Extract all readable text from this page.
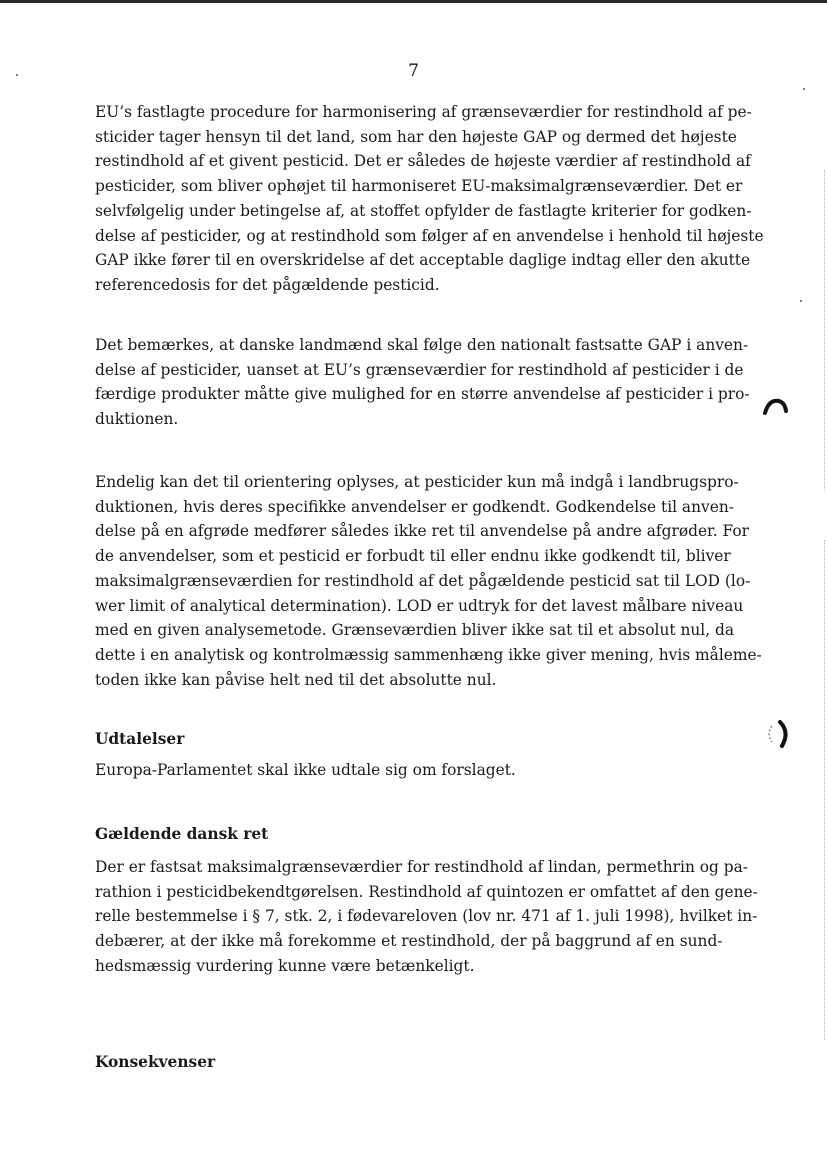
7

EU’s fastlagte procedure for harmonisering af grænseværdier for restindhold af pe-
sticider tager hensyn til det land, som har den højeste GAP og dermed det højeste
restindhold af et givent pesticid. Det er således de højeste værdier af restindhold af
pesticider, som bliver ophøjet til harmoniseret EU-maksimalgrænseværdier. Det er
selvfølgelig under betingelse af, at stoffet opfylder de fastlagte kriterier for godken-
delse af pesticider, og at restindhold som følger af en anvendelse i henhold til højeste
GAP ikke fører til en overskridelse af det acceptable daglige indtag eller den akutte
referencedosis for det pågældende pesticid.

Det bemærkes, at danske landmænd skal følge den nationalt fastsatte GAP i anven-
delse af pesticider, uanset at EU’s grænseværdier for restindhold af pesticider i de
færdige produkter måtte give mulighed for en større anvendelse af pesticider i pro-
duktionen.

Endelig kan det til orientering oplyses, at pesticider kun må indgå i landbrugspro-
duktionen, hvis deres specifikke anvendelser er godkendt. Godkendelse til anven-
delse på en afgrøde medfører således ikke ret til anvendelse på andre afgrøder. For
de anvendelser, som et pesticid er forbudt til eller endnu ikke godkendt til, bliver
maksimalgrænseværdien for restindhold af det pågældende pesticid sat til LOD (lo-
wer limit of analytical determination). LOD er udtryk for det lavest målbare niveau
med en given analysemetode. Grænseværdien bliver ikke sat til et absolut nul, da
dette i en analytisk og kontrolmæssig sammenhæng ikke giver mening, hvis måleme-
toden ikke kan påvise helt ned til det absolutte nul.

Udtalelser

Europa-Parlamentet skal ikke udtale sig om forslaget.

Gældende dansk ret

Der er fastsat maksimalgrænseværdier for restindhold af lindan, permethrin og pa-
rathion i pesticidbekendtgørelsen. Restindhold af quintozen er omfattet af den gene-
relle bestemmelse i § 7, stk. 2, i fødevareloven (lov nr. 471 af 1. juli 1998), hvilket in-
debærer, at der ikke må forekomme et restindhold, der på baggrund af en sund-
hedsmæssig vurdering kunne være betænkeligt.

Konsekvenser
